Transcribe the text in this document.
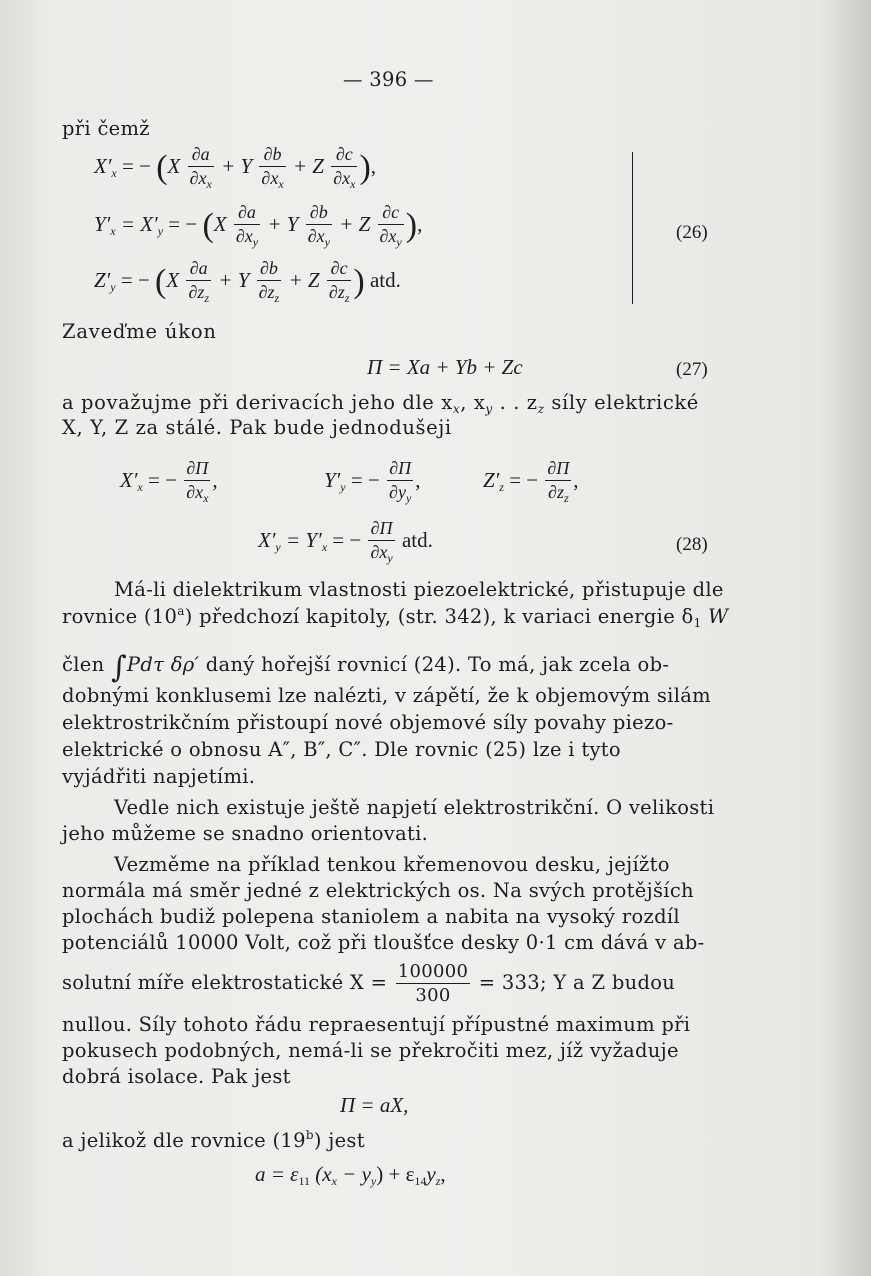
— 396 —
při čemž
$X'_x$ = − ($X \frac{\partial a}{\partial x_x} + Y \frac{\partial b}{\partial x_x} + Z \frac{\partial c}{\partial x_x}$ ),
$Y'_x = X'_y$ = − ($X \frac{\partial a}{\partial x_y} + Y \frac{\partial b}{\partial x_y} + Z \frac{\partial c}{\partial x_y}$ ),
$Z'_y$ = − ($X \frac{\partial a}{\partial z_z} + Y \frac{\partial b}{\partial z_z} + Z \frac{\partial c}{\partial z_z}$ ) atd.
(26)
Zaveďme úkon
Π = Xa + Yb + Zc	(27)
a považujme při derivacích jeho dle $x_x$, $x_y$ . . $z_z$ síly elektrické
X, Y, Z za stálé. Pak bude jednodušeji
$X'_x$ = − $\frac{\partial\Pi}{\partial x_x}$ ,	$Y'_y$ = − $\frac{\partial\Pi}{\partial y_y}$ ,	$Z'_z$ = − $\frac{\partial\Pi}{\partial z_z}$ ,
$X'_y = Y'_x$ = − $\frac{\partial\Pi}{\partial x_y}$ atd.	(28)
Má-li dielektrikum vlastnosti piezoelektrické, přistupuje dle
rovnice (10$^a$) předchozí kapitoly, (str. 342), k variaci energie $\delta_1$ W
člen ∫Pdτ δρ′ daný hořejší rovnicí (24). To má, jak zcela ob-
dobnými konklusemi lze nalézti, v zápětí, že k objemovým silám
elektrostrikčním přistoupí nové objemové síly povahy piezo-
elektrické o obnosu A″, B″, C″. Dle rovnic (25) lze i tyto
vyjádřiti napjetími.
Vedle nich existuje ještě napjetí elektrostrikční. O velikosti
jeho můžeme se snadno orientovati.
Vezměme na příklad tenkou křemenovou desku, jejížto
normála má směr jedné z elektrických os. Na svých protějších
plochách budiž polepena staniolem a nabita na vysoký rozdíl
potenciálů 10000 Volt, což při tloušťce desky 0·1 cm dává v ab-
solutní míře elektrostatické $X = \frac{100000}{300} = 333$; Y a Z budou
nullou. Síly tohoto řádu repraesentují přípustné maximum při
pokusech podobných, nemá-li se překročiti mez, jíž vyžaduje
dobrá isolace. Pak jest
Π = aX,
a jelikož dle rovnice (19$^b$) jest
$a = \varepsilon_{11}$ $(x_x - y_y) + \varepsilon_{14}y_z$,
